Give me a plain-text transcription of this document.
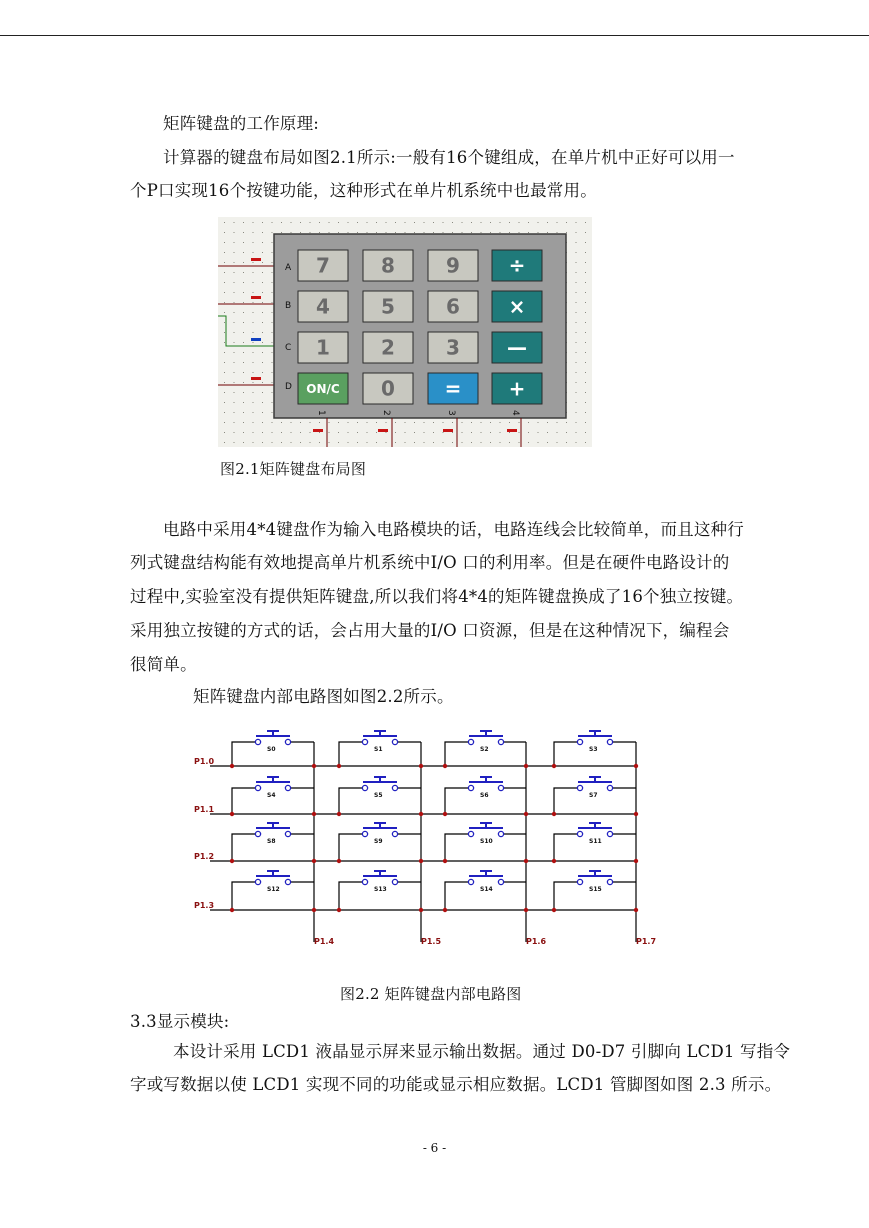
矩阵键盘的工作原理:
计算器的键盘布局如图2.1所示:一般有16个键组成，在单片机中正好可以用一
个P口实现16个按键功能，这种形式在单片机系统中也最常用。
A
B
C
D
7	8	9 ÷
4	5	6 ×
1	2	3 —
ON/C 0 = +
1	2	3	4
图2.1矩阵键盘布局图
电路中采用4*4键盘作为输入电路模块的话，电路连线会比较简单，而且这种行
列式键盘结构能有效地提高单片机系统中I/O 口的利用率。但是在硬件电路设计的
过程中,实验室没有提供矩阵键盘,所以我们将4*4的矩阵键盘换成了16个独立按键。
采用独立按键的方式的话，会占用大量的I/O 口资源，但是在这种情况下，编程会
很简单。
矩阵键盘内部电路图如图2.2所示。
P1.0
P1.1
P1.2
P1.3
P1.4	P1.5	P1.6	P1.7
S0	S1	S2	S3
S4	S5	S6	S7
S8	S9	S10	S11
S12	S13	S14	S15
图2.2 矩阵键盘内部电路图
3.3显示模块:
本设计采用 LCD1 液晶显示屏来显示输出数据。通过 D0-D7 引脚向 LCD1 写指令
字或写数据以使 LCD1 实现不同的功能或显示相应数据。LCD1 管脚图如图 2.3 所示。
- 6 -
